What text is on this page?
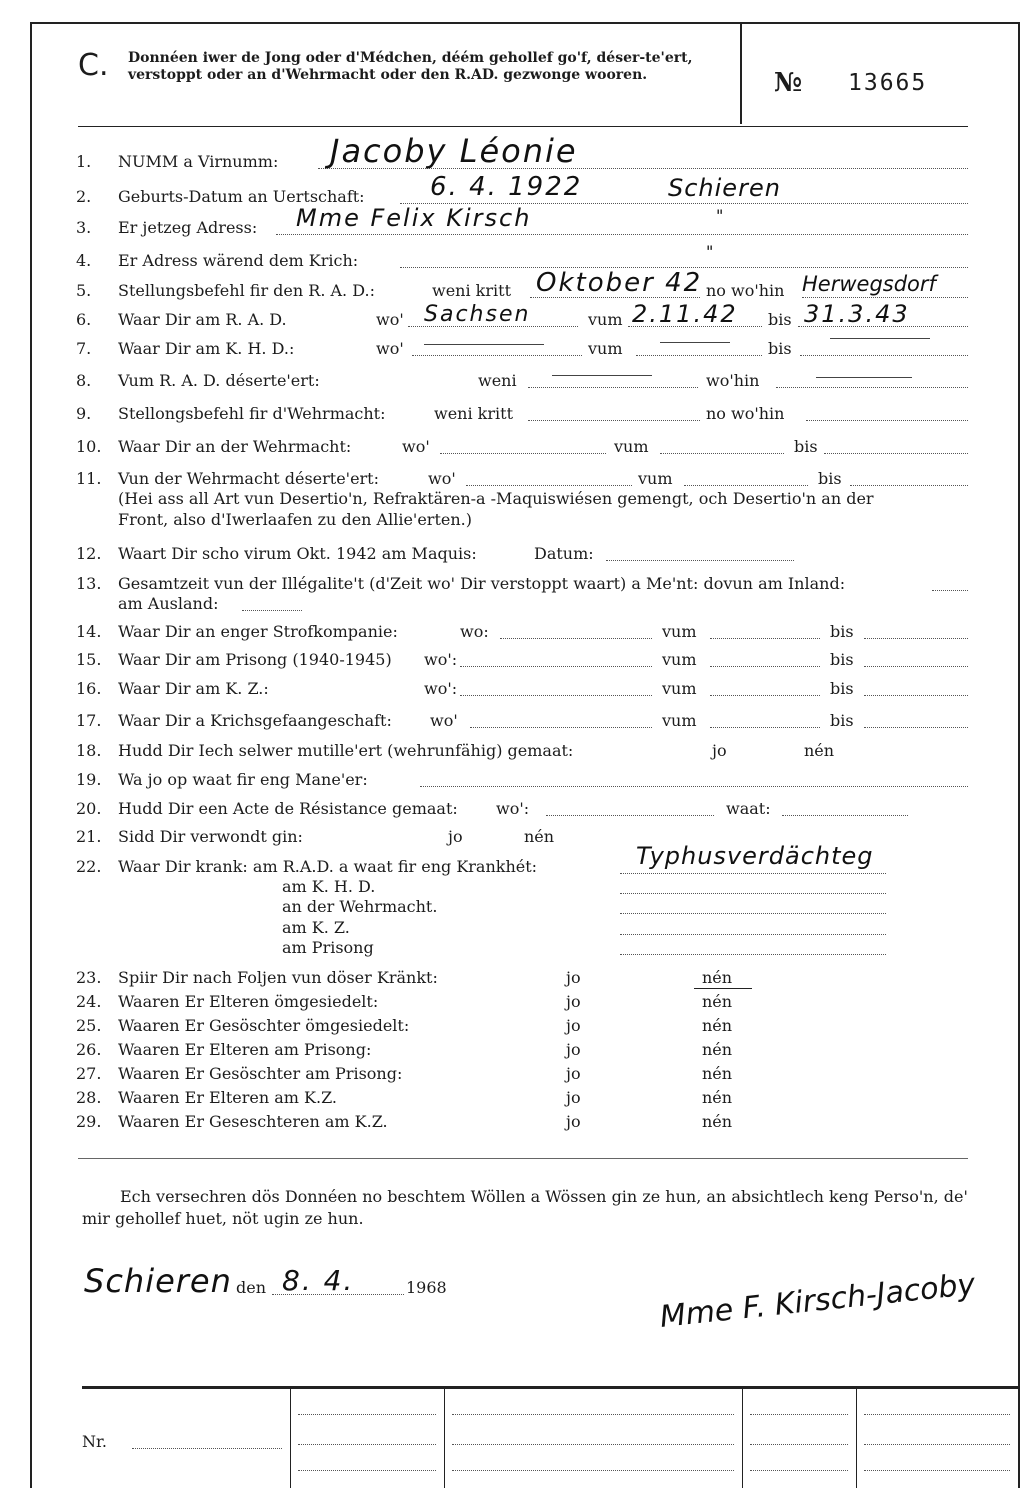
C. Donnéen iwer de Jong oder d'Médchen, déém gehollef go'f, déser-te'ert, verstoppt oder an d'Wehrmacht oder den R.AD. gezwonge wooren.	№ 13665
1. NUMM a Virnumm: Jacoby Léonie
2. Geburts-Datum an Uertschaft:	6. 4. 1922	Schieren
3. Er jetzeg Adress: Mme Felix Kirsch	"
4. Er Adress wärend dem Krich:	"
5. Stellungsbefehl fir den R. A. D.:	weni kritt Oktober 42 no wo'hin Herwegsdorf
6. Waar Dir am R. A. D.	wo' Sachsen	vum 2.11.42 bis 31.3.43
7. Waar Dir am K. H. D.:	wo'	vum	bis
8. Vum R. A. D. déserte'ert:	weni	wo'hin
9. Stellongsbefehl fir d'Wehrmacht:	weni kritt	no wo'hin
10. Waar Dir an der Wehrmacht:	wo'	vum	bis
11. Vun der Wehrmacht déserte'ert:	wo'	vum	bis
(Hei ass all Art vun Desertio'n, Refraktären-a -Maquiswiésen gemengt, och Desertio'n an der
Front, also d'Iwerlaafen zu den Allie'erten.)
12. Waart Dir scho virum Okt. 1942 am Maquis:	Datum:
13. Gesamtzeit vun der Illégalite't (d'Zeit wo' Dir verstoppt waart) a Me'nt: dovun am Inland:
am Ausland:
14. Waar Dir an enger Strofkompanie:	wo:	vum	bis
15. Waar Dir am Prisong (1940-1945) wo':	vum	bis
16. Waar Dir am K. Z.:	wo':	vum	bis
17. Waar Dir a Krichsgefaangeschaft: wo'	vum	bis
18. Hudd Dir Iech selwer mutille'ert (wehrunfähig) gemaat:	jo	nén
19. Wa jo op waat fir eng Mane'er:
20. Hudd Dir een Acte de Résistance gemaat: wo':	waat:
21. Sidd Dir verwondt gin:	jo	nén
22. Waar Dir krank: am R.A.D. a waat fir eng Krankhét:	Typhusverdächteg
am K. H. D.
an der Wehrmacht.
am K. Z.
am Prisong
23. Spiir Dir nach Foljen vun döser Kränkt:	jo	nén
24. Waaren Er Elteren ömgesiedelt:	jo	nén
25. Waaren Er Gesöschter ömgesiedelt:	jo	nén
26. Waaren Er Elteren am Prisong:	jo	nén
27. Waaren Er Gesöschter am Prisong:	jo	nén
28. Waaren Er Elteren am K.Z.	jo	nén
29. Waaren Er Geseschteren am K.Z.	jo	nén
Ech versechren dös Donnéen no beschtem Wöllen a Wössen gin ze hun, an absichtlech keng Perso'n, de' mir gehollef huet, nöt ugin ze hun.
Schieren den 8. 4.	1968	Mme F. Kirsch-Jacoby
Nr.
